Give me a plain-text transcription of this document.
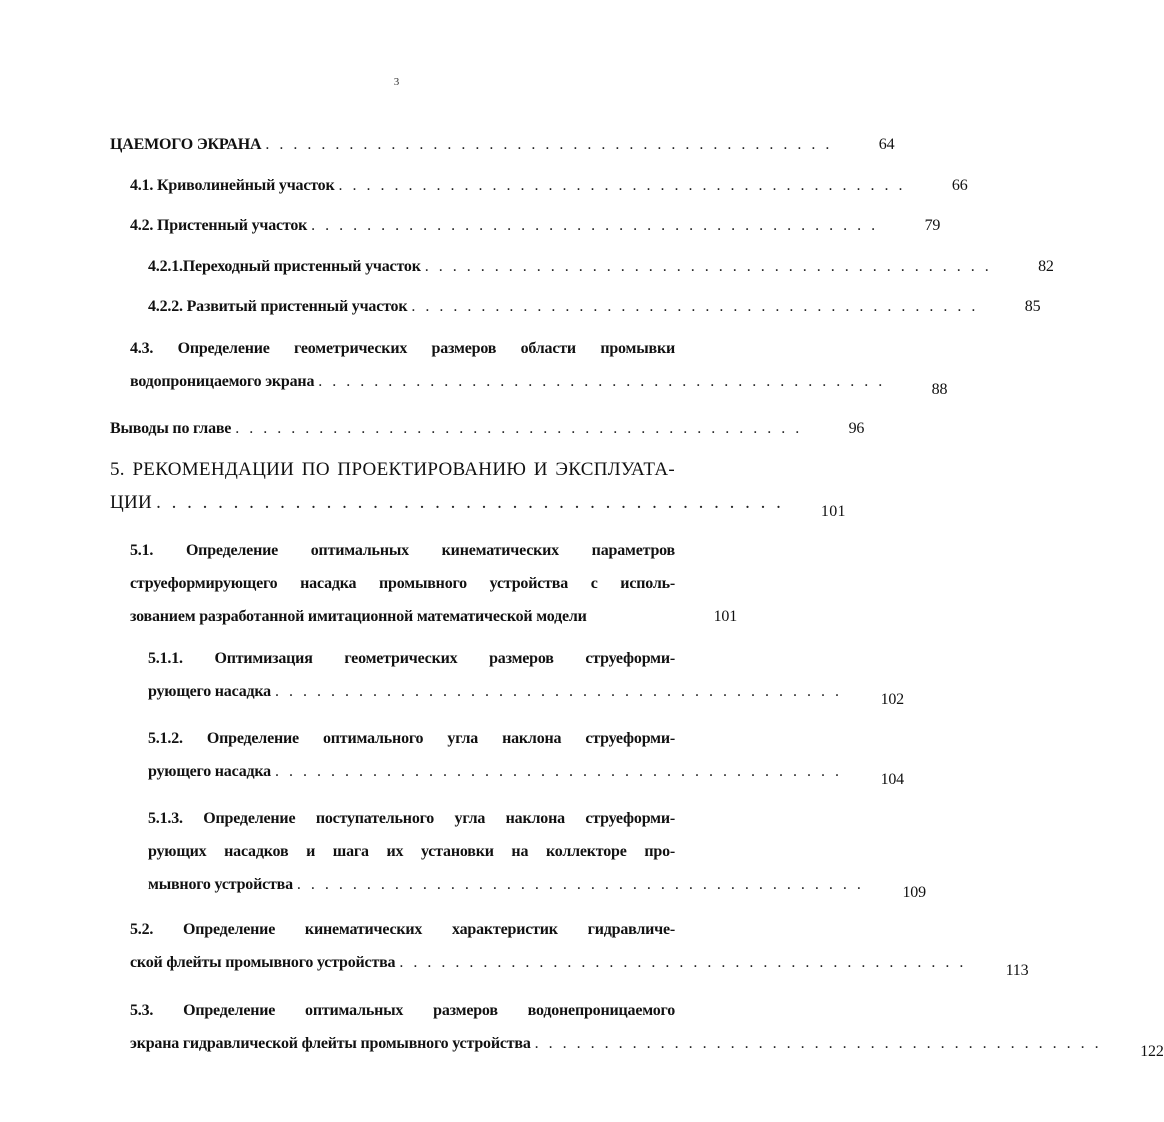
3
ЦАЕМОГО ЭКРАНА . . . . . . . . . . . . . . . . . . . . . . . . . . . . . . . . . . . . . . . . .	64
4.1. Криволинейный участок . . . . . . . . . . . . . . . . . . . . . . . . . . . . . . . . . . . . . . . . .	66
4.2. Пристенный участок . . . . . . . . . . . . . . . . . . . . . . . . . . . . . . . . . . . . . . . . .	79
4.2.1.Переходный пристенный участок . . . . . . . . . . . . . . . . . . . . . . . . . . . . . . . . . . . . . . . . .	82
4.2.2. Развитый пристенный участок . . . . . . . . . . . . . . . . . . . . . . . . . . . . . . . . . . . . . . . . .	85
4.3. Определение геометрических размеров области промывки
водопроницаемого экрана . . . . . . . . . . . . . . . . . . . . . . . . . . . . . . . . . . . . . . . . .	88
Выводы по главе . . . . . . . . . . . . . . . . . . . . . . . . . . . . . . . . . . . . . . . . .	96
5. РЕКОМЕНДАЦИИ ПО ПРОЕКТИРОВАНИЮ И ЭКСПЛУАТА-
ЦИИ . . . . . . . . . . . . . . . . . . . . . . . . . . . . . . . . . . . . . . . . .	101
5.1. Определение оптимальных кинематических параметров
струеформирующего насадка промывного устройства с исполь-
зованием разработанной имитационной математической модели	101
5.1.1. Оптимизация геометрических размеров струеформи-
рующего насадка . . . . . . . . . . . . . . . . . . . . . . . . . . . . . . . . . . . . . . . . .	102
5.1.2. Определение оптимального угла наклона струеформи-
рующего насадка . . . . . . . . . . . . . . . . . . . . . . . . . . . . . . . . . . . . . . . . .	104
5.1.3. Определение поступательного угла наклона струеформи-
рующих насадков и шага их установки на коллекторе про-
мывного устройства . . . . . . . . . . . . . . . . . . . . . . . . . . . . . . . . . . . . . . . . .	109
5.2. Определение кинематических характеристик гидравличе-
ской флейты промывного устройства . . . . . . . . . . . . . . . . . . . . . . . . . . . . . . . . . . . . . . . . .	113
5.3. Определение оптимальных размеров водонепроницаемого
экрана гидравлической флейты промывного устройства . . . . . . . . . . . . . . . . . . . . . . . . . . . . . . . . . . . . . . . . .	122
